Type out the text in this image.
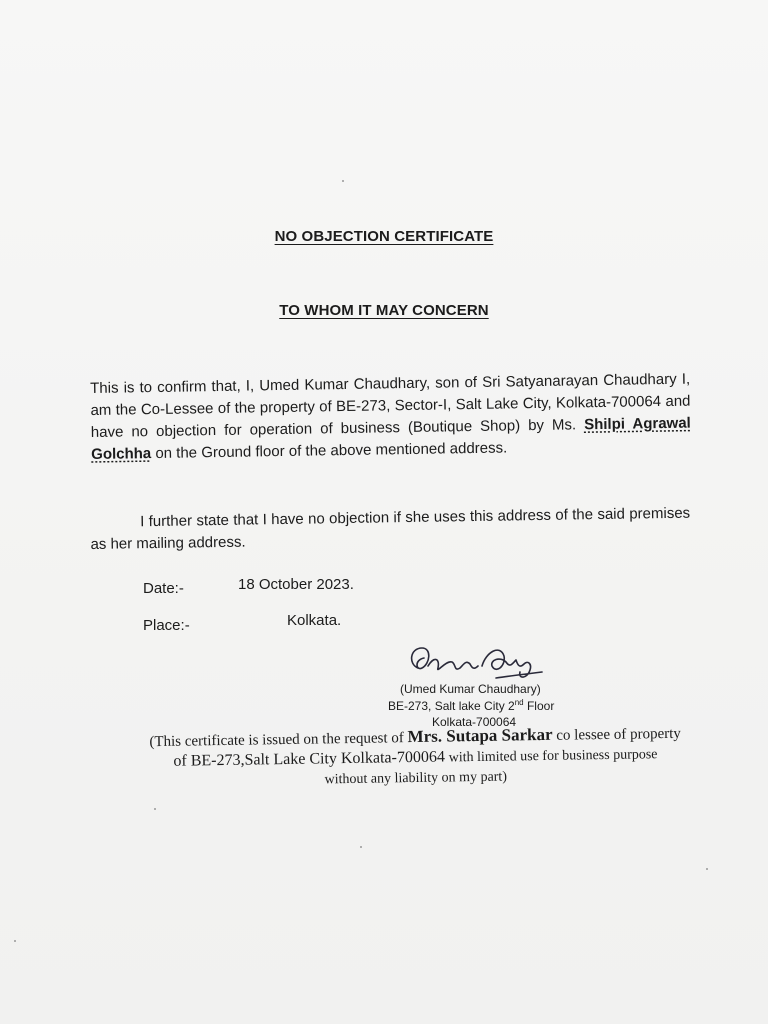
NO OBJECTION CERTIFICATE
TO WHOM IT MAY CONCERN
This is to confirm that, I, Umed Kumar Chaudhary, son of Sri Satyanarayan Chaudhary I, am the Co-Lessee of the property of BE-273, Sector-I, Salt Lake City, Kolkata-700064 and have no objection for operation of business (Boutique Shop) by Ms. Shilpi Agrawal Golchha on the Ground floor of the above mentioned address.
I further state that I have no objection if she uses this address of the said premises as her mailing address.
Date:-	18 October 2023.
Place:-	Kolkata.
(Umed Kumar Chaudhary)
BE-273, Salt lake City 2nd Floor
Kolkata-700064
(This certificate is issued on the request of Mrs. Sutapa Sarkar co lessee of property
of BE-273,Salt Lake City Kolkata-700064 with limited use for business purpose
without any liability on my part)
